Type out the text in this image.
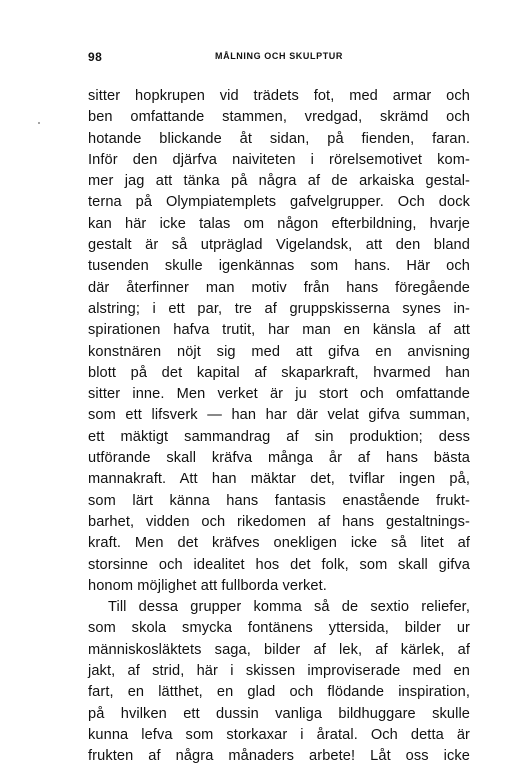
98	MÅLNING OCH SKULPTUR
sitter hopkrupen vid trädets fot, med armar och
ben omfattande stammen, vredgad, skrämd och
hotande blickande åt sidan, på fienden, faran.
Inför den djärfva naiviteten i rörelsemotivet kom-
mer jag att tänka på några af de arkaiska gestal-
terna på Olympiatemplets gafvelgrupper. Och dock
kan här icke talas om någon efterbildning, hvarje
gestalt är så utpräglad Vigelandsk, att den bland
tusenden skulle igenkännas som hans. Här och
där återfinner man motiv från hans föregående
alstring; i ett par, tre af gruppskisserna synes in-
spirationen hafva trutit, har man en känsla af att
konstnären nöjt sig med att gifva en anvisning
blott på det kapital af skaparkraft, hvarmed han
sitter inne. Men verket är ju stort och omfattande
som ett lifsverk — han har där velat gifva summan,
ett mäktigt sammandrag af sin produktion; dess
utförande skall kräfva många år af hans bästa
mannakraft. Att han mäktar det, tviflar ingen på,
som lärt känna hans fantasis enastående frukt-
barhet, vidden och rikedomen af hans gestaltnings-
kraft. Men det kräfves onekligen icke så litet af
storsinne och idealitet hos det folk, som skall gifva
honom möjlighet att fullborda verket.
Till dessa grupper komma så de sextio reliefer,
som skola smycka fontänens yttersida, bilder ur
människosläktets saga, bilder af lek, af kärlek, af
jakt, af strid, här i skissen improviserade med en
fart, en lätthet, en glad och flödande inspiration,
på hvilken ett dussin vanliga bildhuggare skulle
kunna lefva som storkaxar i åratal. Och detta är
frukten af några månaders arbete! Låt oss icke
